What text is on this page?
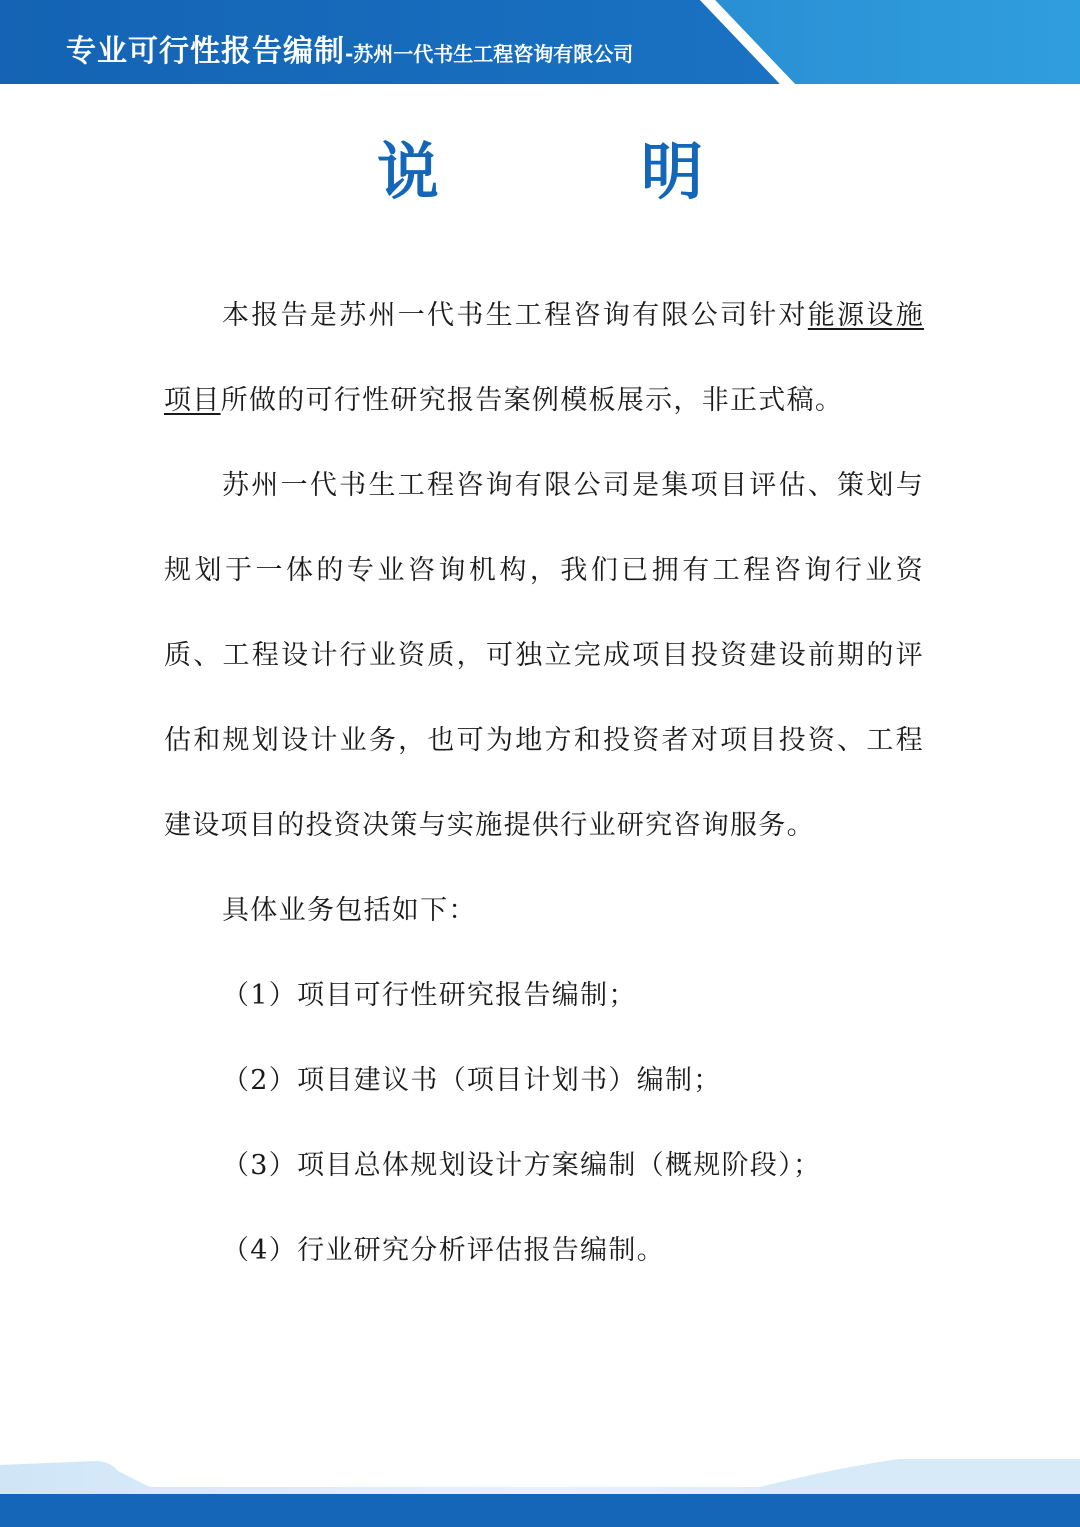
专业可行性报告编制-苏州一代书生工程咨询有限公司
说　明

本报告是苏州一代书生工程咨询有限公司针对能源设施项目所做的可行性研究报告案例模板展示，非正式稿。

苏州一代书生工程咨询有限公司是集项目评估、策划与规划于一体的专业咨询机构，我们已拥有工程咨询行业资质、工程设计行业资质，可独立完成项目投资建设前期的评估和规划设计业务，也可为地方和投资者对项目投资、工程建设项目的投资决策与实施提供行业研究咨询服务。

具体业务包括如下：

（1）项目可行性研究报告编制；

（2）项目建议书（项目计划书）编制；

（3）项目总体规划设计方案编制（概规阶段）；

（4）行业研究分析评估报告编制。
